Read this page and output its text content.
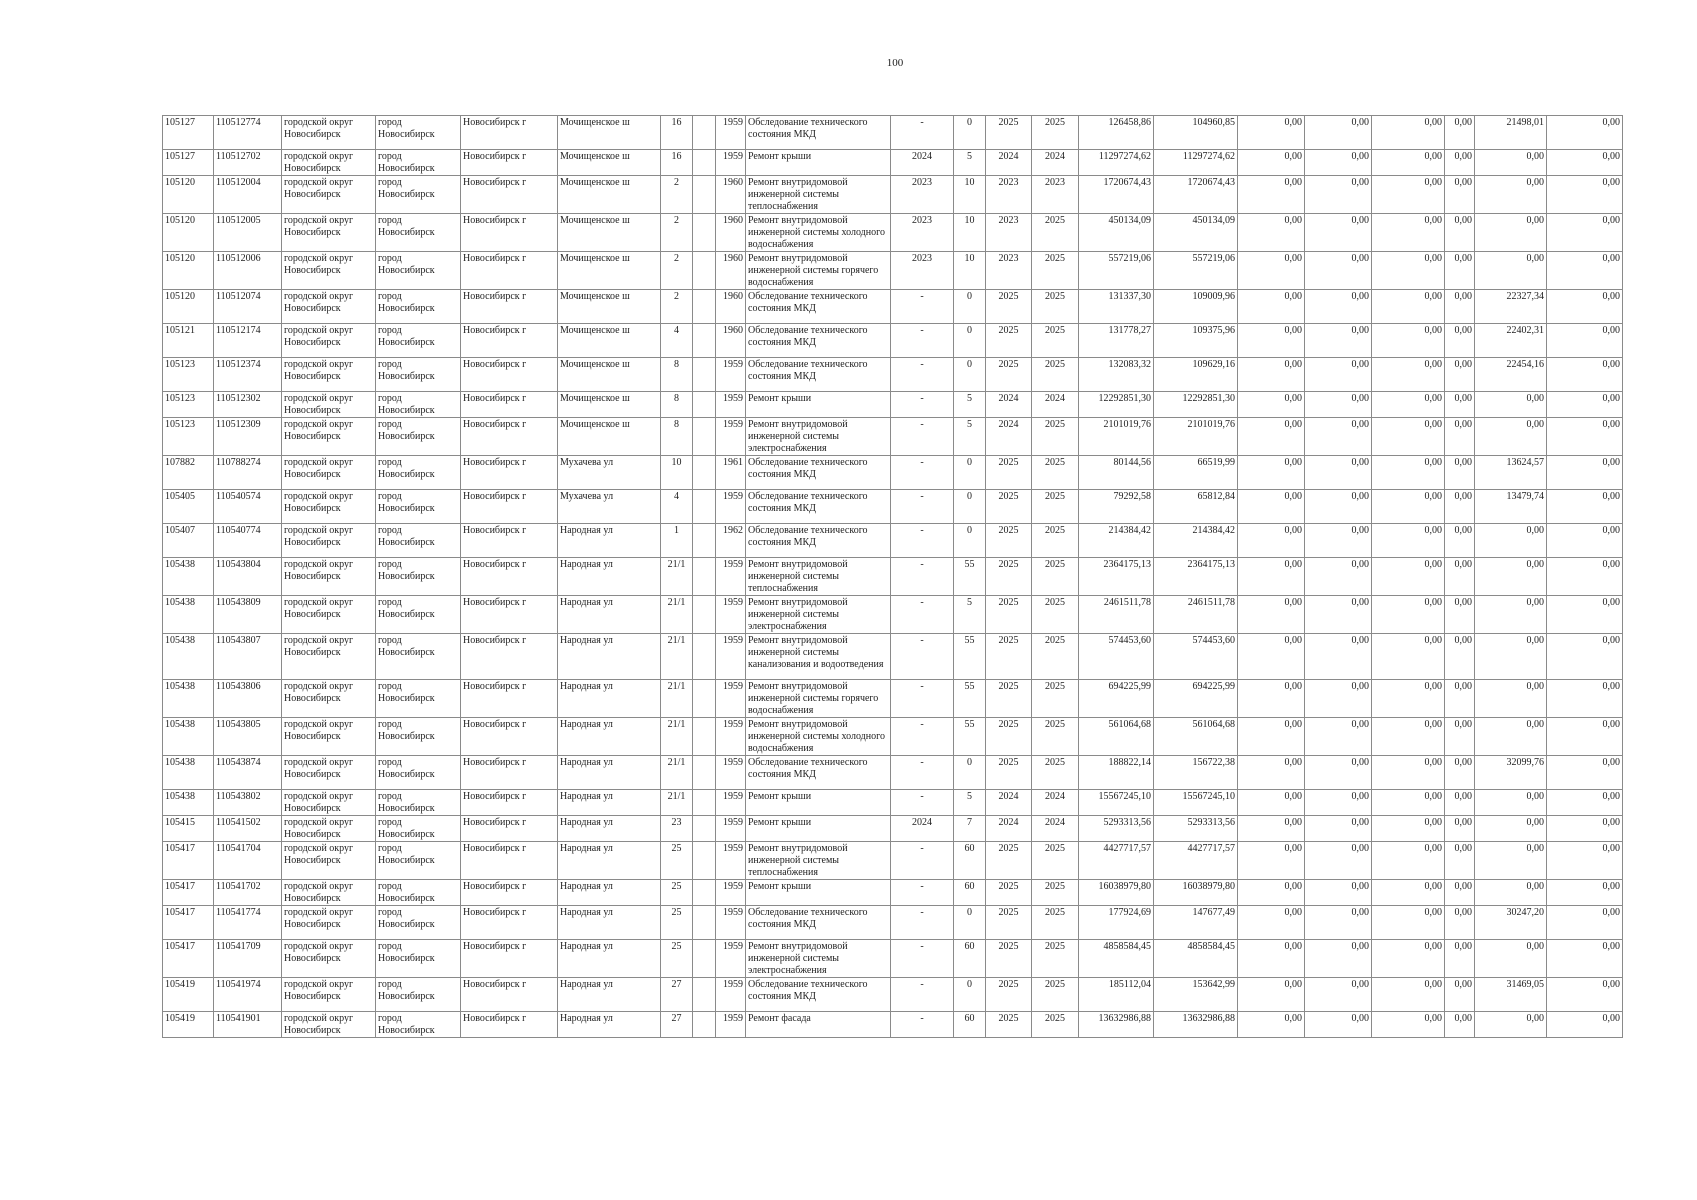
100
105127	110512774	городской округ Новосибирск	город Новосибирск	Новосибирск г	Мочищенское ш	16		1959	Обследование технического состояния МКД	-	0	2025	2025	126458,86	104960,85	0,00	0,00	0,00	0,00	21498,01	0,00
105127	110512702	городской округ Новосибирск	город Новосибирск	Новосибирск г	Мочищенское ш	16		1959	Ремонт крыши	2024	5	2024	2024	11297274,62	11297274,62	0,00	0,00	0,00	0,00	0,00	0,00
105120	110512004	городской округ Новосибирск	город Новосибирск	Новосибирск г	Мочищенское ш	2		1960	Ремонт внутридомовой инженерной системы теплоснабжения	2023	10	2023	2023	1720674,43	1720674,43	0,00	0,00	0,00	0,00	0,00	0,00
105120	110512005	городской округ Новосибирск	город Новосибирск	Новосибирск г	Мочищенское ш	2		1960	Ремонт внутридомовой инженерной системы холодного водоснабжения	2023	10	2023	2025	450134,09	450134,09	0,00	0,00	0,00	0,00	0,00	0,00
105120	110512006	городской округ Новосибирск	город Новосибирск	Новосибирск г	Мочищенское ш	2		1960	Ремонт внутридомовой инженерной системы горячего водоснабжения	2023	10	2023	2025	557219,06	557219,06	0,00	0,00	0,00	0,00	0,00	0,00
105120	110512074	городской округ Новосибирск	город Новосибирск	Новосибирск г	Мочищенское ш	2		1960	Обследование технического состояния МКД	-	0	2025	2025	131337,30	109009,96	0,00	0,00	0,00	0,00	22327,34	0,00
105121	110512174	городской округ Новосибирск	город Новосибирск	Новосибирск г	Мочищенское ш	4		1960	Обследование технического состояния МКД	-	0	2025	2025	131778,27	109375,96	0,00	0,00	0,00	0,00	22402,31	0,00
105123	110512374	городской округ Новосибирск	город Новосибирск	Новосибирск г	Мочищенское ш	8		1959	Обследование технического состояния МКД	-	0	2025	2025	132083,32	109629,16	0,00	0,00	0,00	0,00	22454,16	0,00
105123	110512302	городской округ Новосибирск	город Новосибирск	Новосибирск г	Мочищенское ш	8		1959	Ремонт крыши	-	5	2024	2024	12292851,30	12292851,30	0,00	0,00	0,00	0,00	0,00	0,00
105123	110512309	городской округ Новосибирск	город Новосибирск	Новосибирск г	Мочищенское ш	8		1959	Ремонт внутридомовой инженерной системы электроснабжения	-	5	2024	2025	2101019,76	2101019,76	0,00	0,00	0,00	0,00	0,00	0,00
107882	110788274	городской округ Новосибирск	город Новосибирск	Новосибирск г	Мухачева ул	10		1961	Обследование технического состояния МКД	-	0	2025	2025	80144,56	66519,99	0,00	0,00	0,00	0,00	13624,57	0,00
105405	110540574	городской округ Новосибирск	город Новосибирск	Новосибирск г	Мухачева ул	4		1959	Обследование технического состояния МКД	-	0	2025	2025	79292,58	65812,84	0,00	0,00	0,00	0,00	13479,74	0,00
105407	110540774	городской округ Новосибирск	город Новосибирск	Новосибирск г	Народная ул	1		1962	Обследование технического состояния МКД	-	0	2025	2025	214384,42	214384,42	0,00	0,00	0,00	0,00	0,00	0,00
105438	110543804	городской округ Новосибирск	город Новосибирск	Новосибирск г	Народная ул	21/1		1959	Ремонт внутридомовой инженерной системы теплоснабжения	-	55	2025	2025	2364175,13	2364175,13	0,00	0,00	0,00	0,00	0,00	0,00
105438	110543809	городской округ Новосибирск	город Новосибирск	Новосибирск г	Народная ул	21/1		1959	Ремонт внутридомовой инженерной системы электроснабжения	-	5	2025	2025	2461511,78	2461511,78	0,00	0,00	0,00	0,00	0,00	0,00
105438	110543807	городской округ Новосибирск	город Новосибирск	Новосибирск г	Народная ул	21/1		1959	Ремонт внутридомовой инженерной системы канализования и водоотведения	-	55	2025	2025	574453,60	574453,60	0,00	0,00	0,00	0,00	0,00	0,00
105438	110543806	городской округ Новосибирск	город Новосибирск	Новосибирск г	Народная ул	21/1		1959	Ремонт внутридомовой инженерной системы горячего водоснабжения	-	55	2025	2025	694225,99	694225,99	0,00	0,00	0,00	0,00	0,00	0,00
105438	110543805	городской округ Новосибирск	город Новосибирск	Новосибирск г	Народная ул	21/1		1959	Ремонт внутридомовой инженерной системы холодного водоснабжения	-	55	2025	2025	561064,68	561064,68	0,00	0,00	0,00	0,00	0,00	0,00
105438	110543874	городской округ Новосибирск	город Новосибирск	Новосибирск г	Народная ул	21/1		1959	Обследование технического состояния МКД	-	0	2025	2025	188822,14	156722,38	0,00	0,00	0,00	0,00	32099,76	0,00
105438	110543802	городской округ Новосибирск	город Новосибирск	Новосибирск г	Народная ул	21/1		1959	Ремонт крыши	-	5	2024	2024	15567245,10	15567245,10	0,00	0,00	0,00	0,00	0,00	0,00
105415	110541502	городской округ Новосибирск	город Новосибирск	Новосибирск г	Народная ул	23		1959	Ремонт крыши	2024	7	2024	2024	5293313,56	5293313,56	0,00	0,00	0,00	0,00	0,00	0,00
105417	110541704	городской округ Новосибирск	город Новосибирск	Новосибирск г	Народная ул	25		1959	Ремонт внутридомовой инженерной системы теплоснабжения	-	60	2025	2025	4427717,57	4427717,57	0,00	0,00	0,00	0,00	0,00	0,00
105417	110541702	городской округ Новосибирск	город Новосибирск	Новосибирск г	Народная ул	25		1959	Ремонт крыши	-	60	2025	2025	16038979,80	16038979,80	0,00	0,00	0,00	0,00	0,00	0,00
105417	110541774	городской округ Новосибирск	город Новосибирск	Новосибирск г	Народная ул	25		1959	Обследование технического состояния МКД	-	0	2025	2025	177924,69	147677,49	0,00	0,00	0,00	0,00	30247,20	0,00
105417	110541709	городской округ Новосибирск	город Новосибирск	Новосибирск г	Народная ул	25		1959	Ремонт внутридомовой инженерной системы электроснабжения	-	60	2025	2025	4858584,45	4858584,45	0,00	0,00	0,00	0,00	0,00	0,00
105419	110541974	городской округ Новосибирск	город Новосибирск	Новосибирск г	Народная ул	27		1959	Обследование технического состояния МКД	-	0	2025	2025	185112,04	153642,99	0,00	0,00	0,00	0,00	31469,05	0,00
105419	110541901	городской округ Новосибирск	город Новосибирск	Новосибирск г	Народная ул	27		1959	Ремонт фасада	-	60	2025	2025	13632986,88	13632986,88	0,00	0,00	0,00	0,00	0,00	0,00
